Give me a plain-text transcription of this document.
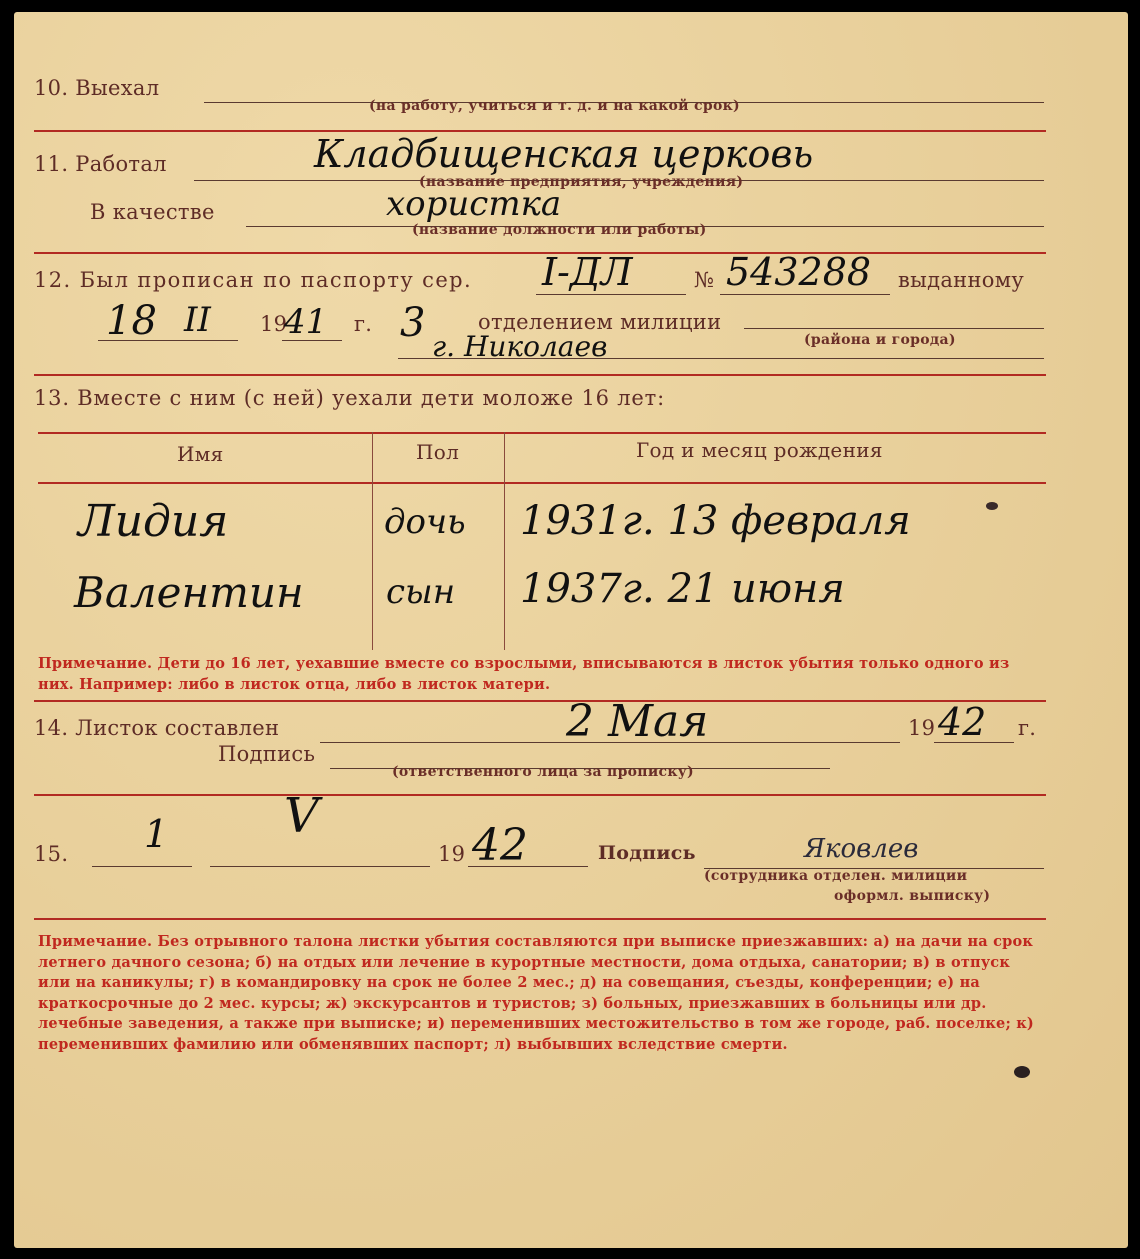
10. Выехал
(на работу, учиться и т. д. и на какой срок)
11. Работал	Кладбищенская церковь
(название предприятия, учреждения)
В качестве	хористка
(название должности или работы)
12. Был прописан по паспорту сер. I-ДЛ	№ 543288 выданному
18 II 19
41 г. 3	отделением милиции
г. Николаев	(района и города)
13. Вместе с ним (с ней) уехали дети моложе 16 лет:
Имя	Пол	Год и месяц рождения
Лидия	дочь 1931г. 13 февраля
Валентин сын 1937г. 21 июня
Примечание. Дети до 16 лет, уехавшие вместе со взрослыми, вписываются в листок убытия только одного из них. Например: либо в листок отца, либо в листок матери.
14. Листок составлен	2 Мая	19 42 г.
Подпись
(ответственного лица за прописку)
15. 1 V
19 42	Подпись	Яковлев
(сотрудника отделен. милиции
оформл. выписку)
Примечание. Без отрывного талона листки убытия составляются при выписке приезжавших: а) на дачи на срок летнего дачного сезона; б) на отдых или лечение в курортные местности, дома отдыха, санатории; в) в отпуск или на каникулы; г) в командировку на срок не более 2 мес.; д) на совещания, съезды, конференции; е) на краткосрочные до 2 мес. курсы; ж) экскурсантов и туристов; з) больных, приезжавших в больницы или др. лечебные заведения, а также при выписке; и) переменивших местожительство в том же городе, раб. поселке; к) переменивших фамилию или обменявших паспорт; л) выбывших вследствие смерти.
